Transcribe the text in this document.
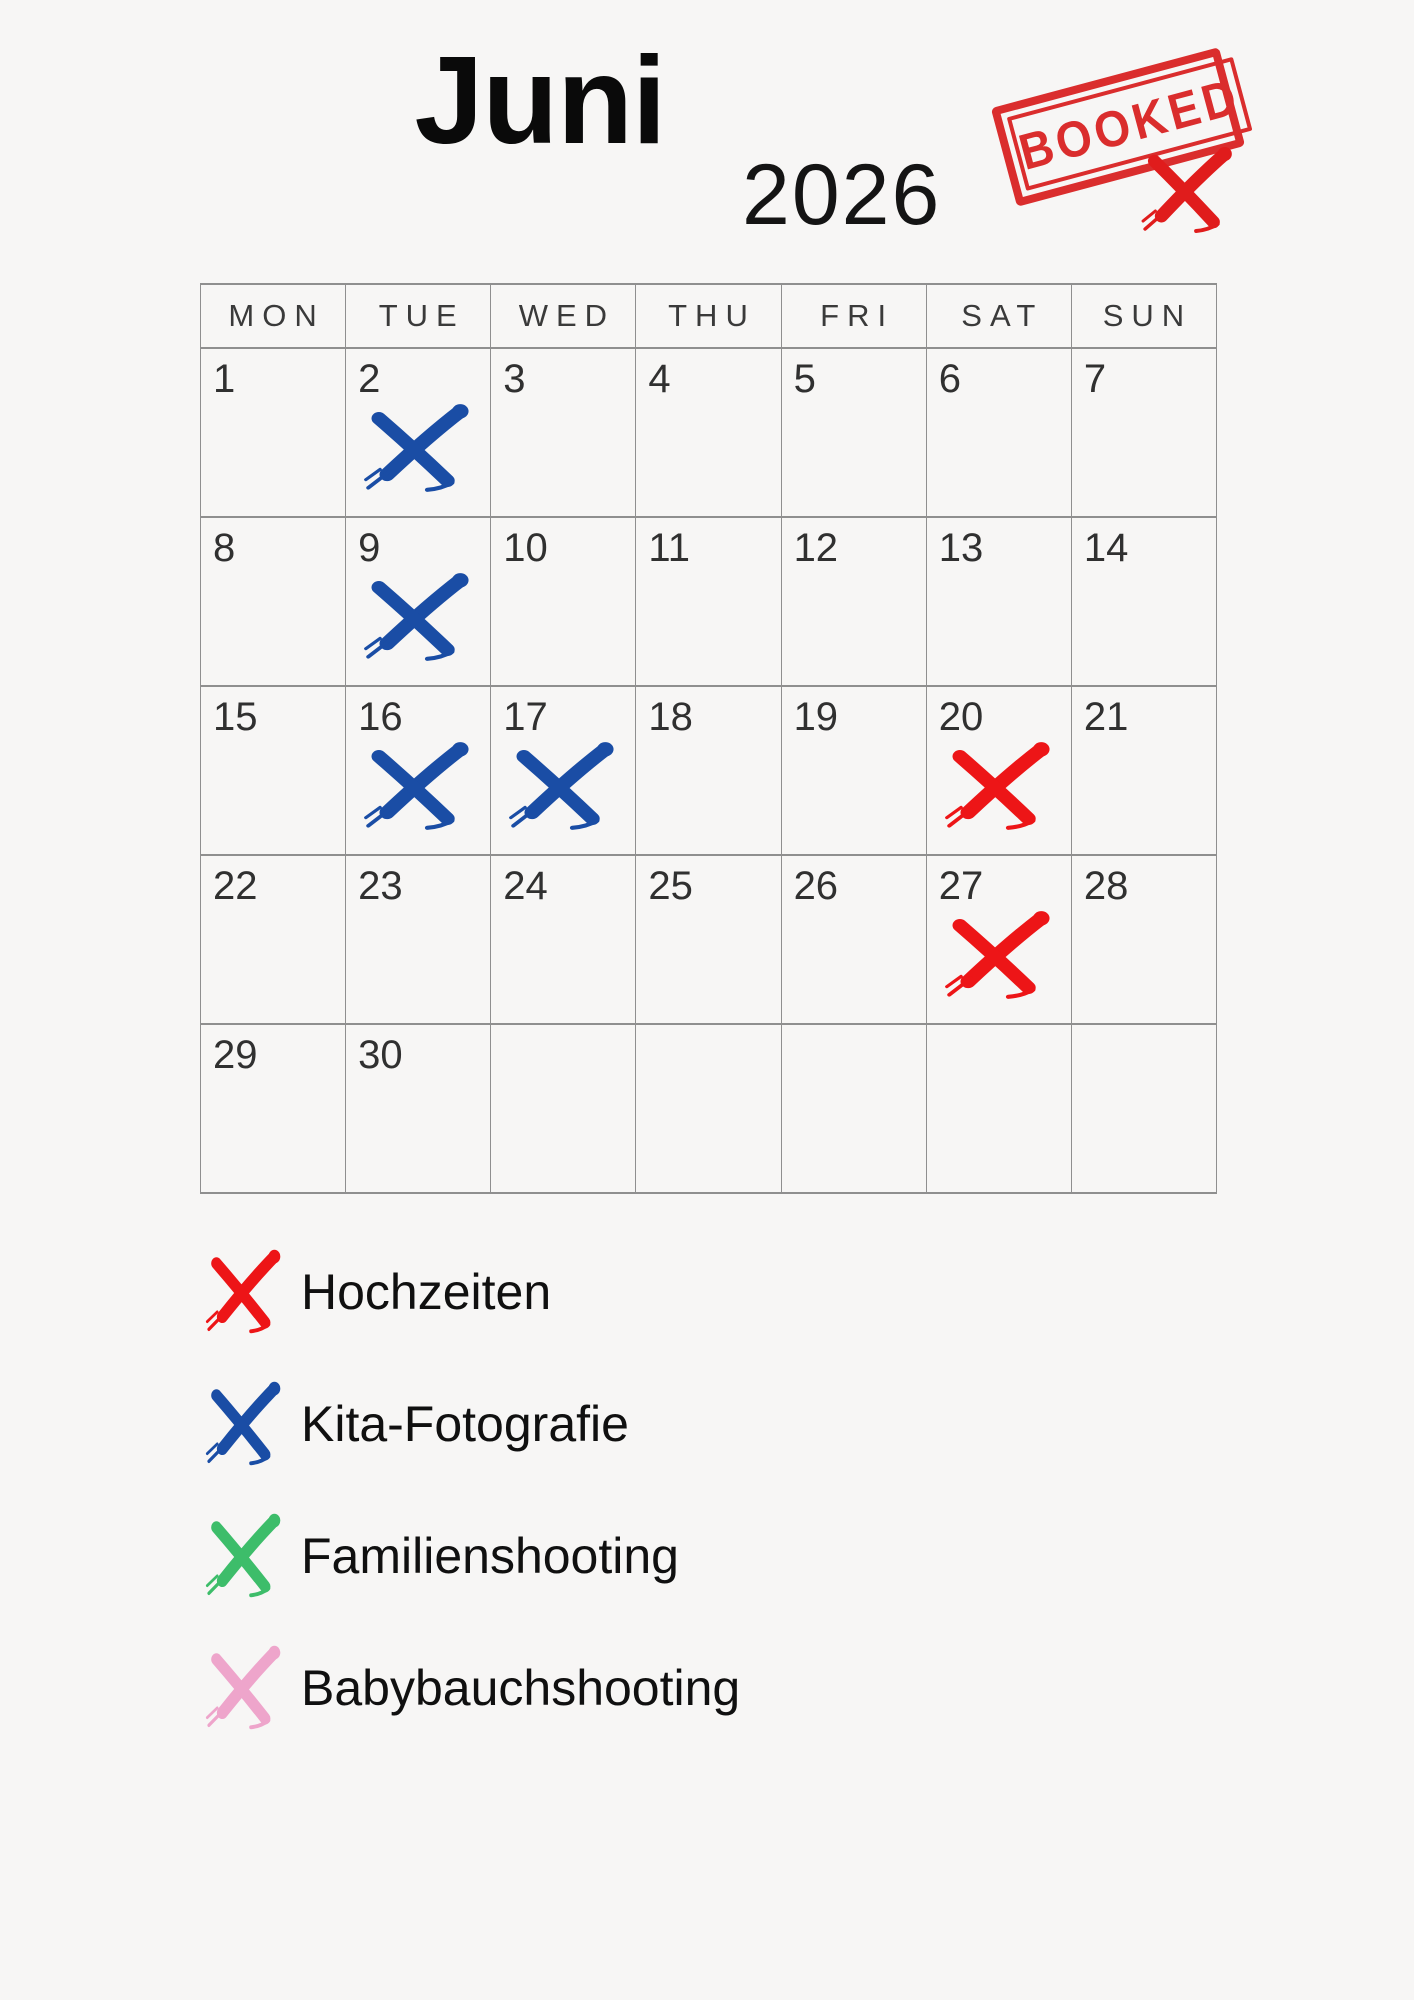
Juni
2026
BOOKED
MON	TUE	WED	THU	FRI	SAT	SUN

1	2	3	4	5	6	7

8	9	10	11	12	13	14

15	16	17	18	19	20	21

22	23	24	25	26	27	28

29	30					

Hochzeiten
Kita-Fotografie
Familienshooting
Babybauchshooting
